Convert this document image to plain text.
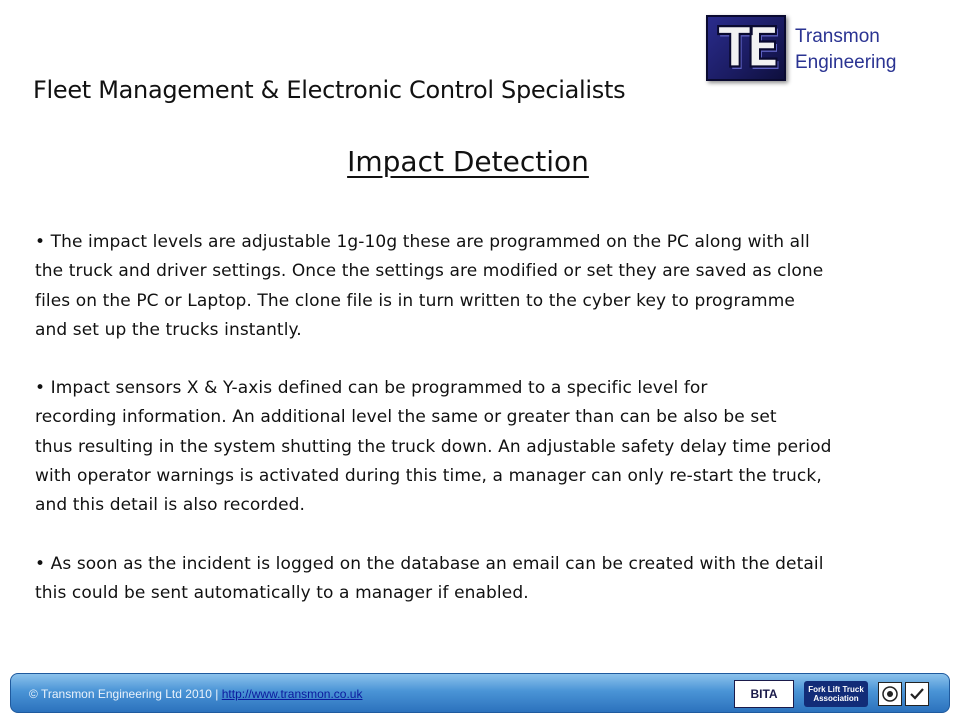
TE Transmon
Engineering
Fleet Management & Electronic Control Specialists
Impact Detection

• The impact levels are adjustable 1g-10g these are programmed on the PC along with all
the truck and driver settings. Once the settings are modified or set they are saved as clone
files on the PC or Laptop. The clone file is in turn written to the cyber key to programme
and set up the trucks instantly.

• Impact sensors X & Y-axis defined can be programmed to a specific level for
recording information. An additional level the same or greater than can be also be set
thus resulting in the system shutting the truck down. An adjustable safety delay time period
with operator warnings is activated during this time, a manager can only re-start the truck,
and this detail is also recorded.

• As soon as the incident is logged on the database an email can be created with the detail
this could be sent automatically to a manager if enabled.

© Transmon Engineering Ltd 2010 | http://www.transmon.co.uk	BITA	Fork Lift Truck Association
